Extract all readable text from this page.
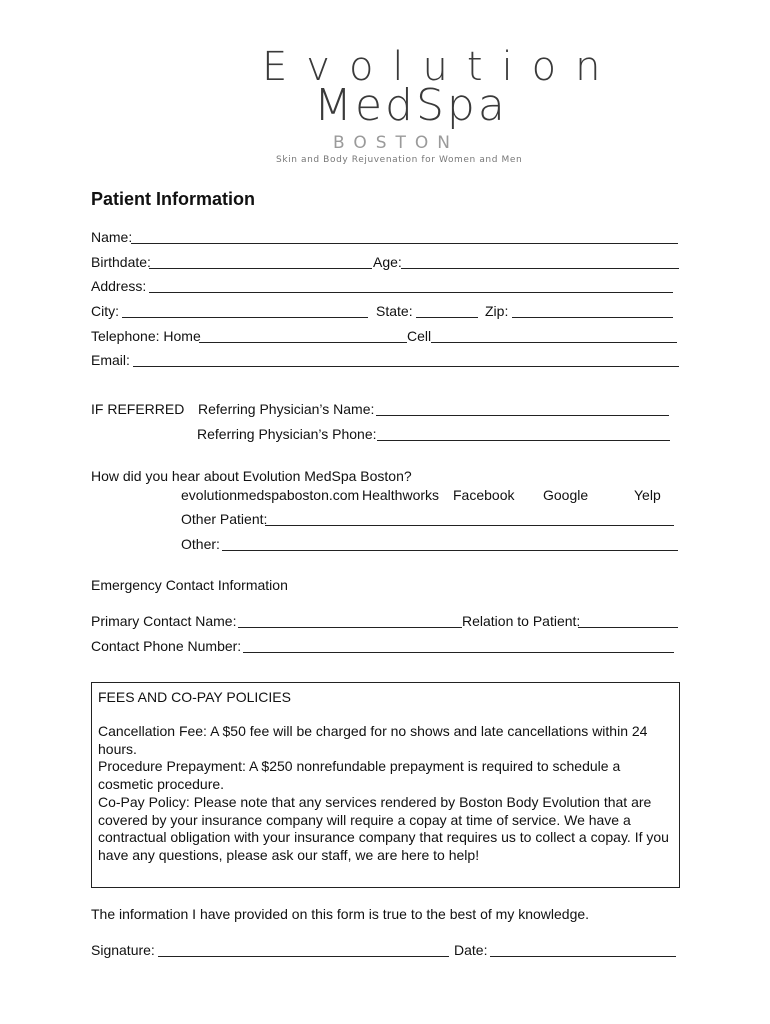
Evolution
MedSpa
BOSTON
Skin and Body Rejuvenation for Women and Men
Patient Information
Name:
Birthdate:	Age:
Address:
City:	State:	Zip:
Telephone: Home	Cell
Email:
IF REFERRED Referring Physician’s Name:
Referring Physician’s Phone:
How did you hear about Evolution MedSpa Boston?
evolutionmedspaboston.com Healthworks Facebook Google	Yelp
Other Patient:
Other:
Emergency Contact Information
Primary Contact Name:	Relation to Patient:
Contact Phone Number:
FEES AND CO-PAY POLICIES

Cancellation Fee: A $50 fee will be charged for no shows and late cancellations within 24 hours.

Procedure Prepayment: A $250 nonrefundable prepayment is required to schedule a cosmetic procedure.

Co-Pay Policy: Please note that any services rendered by Boston Body Evolution that are covered by your insurance company will require a copay at time of service. We have a contractual obligation with your insurance company that requires us to collect a copay. If you have any questions, please ask our staff, we are here to help!

The information I have provided on this form is true to the best of my knowledge.
Signature:	Date:
